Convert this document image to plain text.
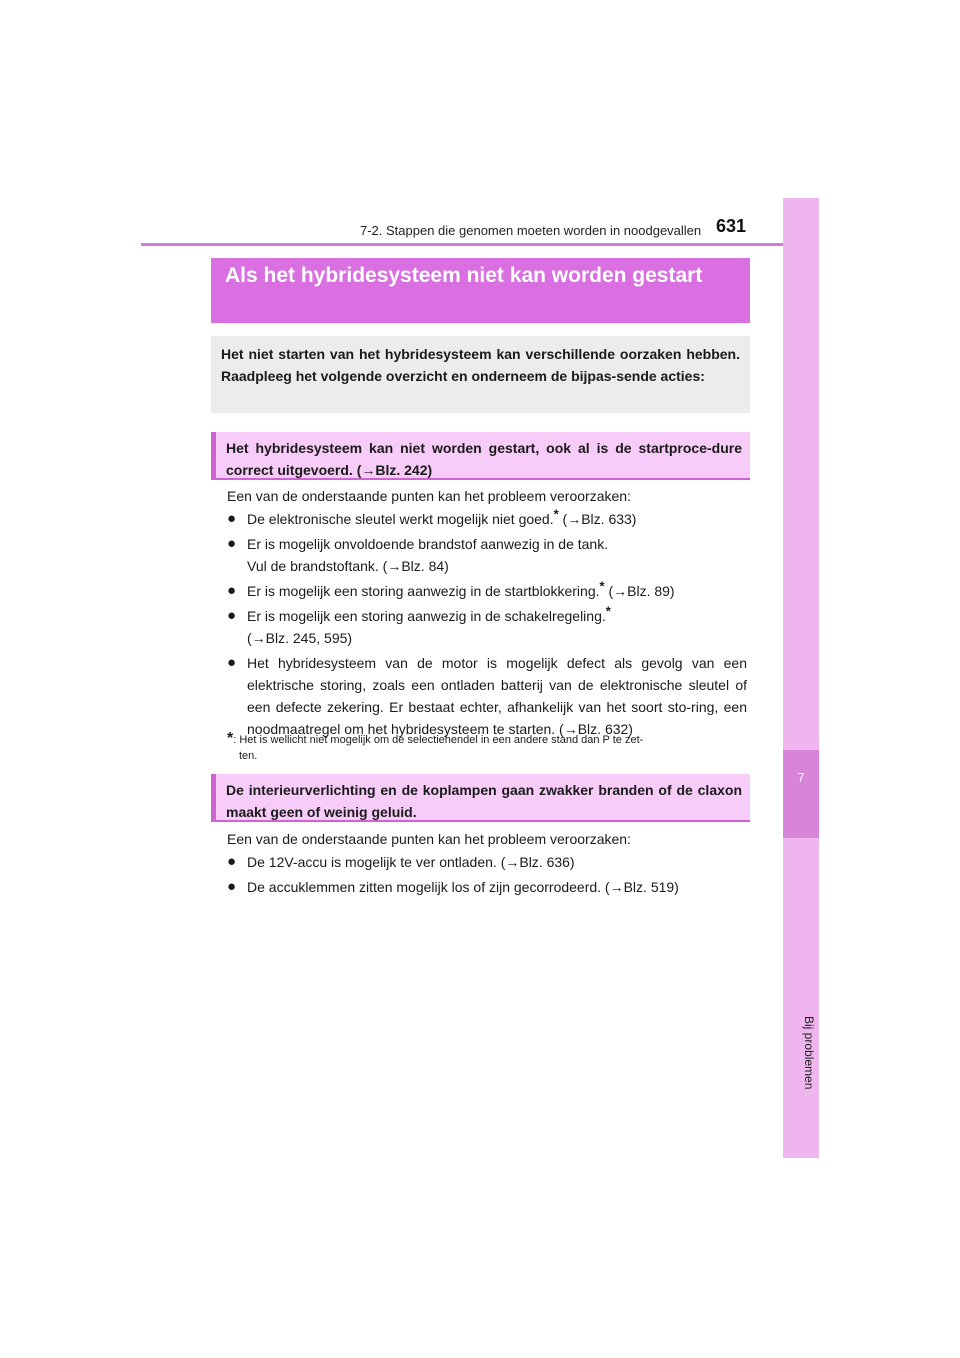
7-2. Stappen die genomen moeten worden in noodgevallen 631
7
Bij problemen
Als het hybridesysteem niet kan worden gestart
Het niet starten van het hybridesysteem kan verschillende oorzaken hebben. Raadpleeg het volgende overzicht en onderneem de bijpas-sende acties:
Het hybridesysteem kan niet worden gestart, ook al is de startproce-dure correct uitgevoerd. (→Blz. 242)
Een van de onderstaande punten kan het probleem veroorzaken:
● De elektronische sleutel werkt mogelijk niet goed.* (→Blz. 633)
● Er is mogelijk onvoldoende brandstof aanwezig in de tank.
Vul de brandstoftank. (→Blz. 84)
● Er is mogelijk een storing aanwezig in de startblokkering.* (→Blz. 89)
● Er is mogelijk een storing aanwezig in de schakelregeling.*
(→Blz. 245, 595)
● Het hybridesysteem van de motor is mogelijk defect als gevolg van een elektrische storing, zoals een ontladen batterij van de elektronische sleutel of een defecte zekering. Er bestaat echter, afhankelijk van het soort sto-ring, een noodmaatregel om het hybridesysteem te starten. (→Blz. 632)
*: Het is wellicht niet mogelijk om de selectiehendel in een andere stand dan P te zet-
ten.
De interieurverlichting en de koplampen gaan zwakker branden of de claxon maakt geen of weinig geluid.
Een van de onderstaande punten kan het probleem veroorzaken:
● De 12V-accu is mogelijk te ver ontladen. (→Blz. 636)
● De accuklemmen zitten mogelijk los of zijn gecorrodeerd. (→Blz. 519)
